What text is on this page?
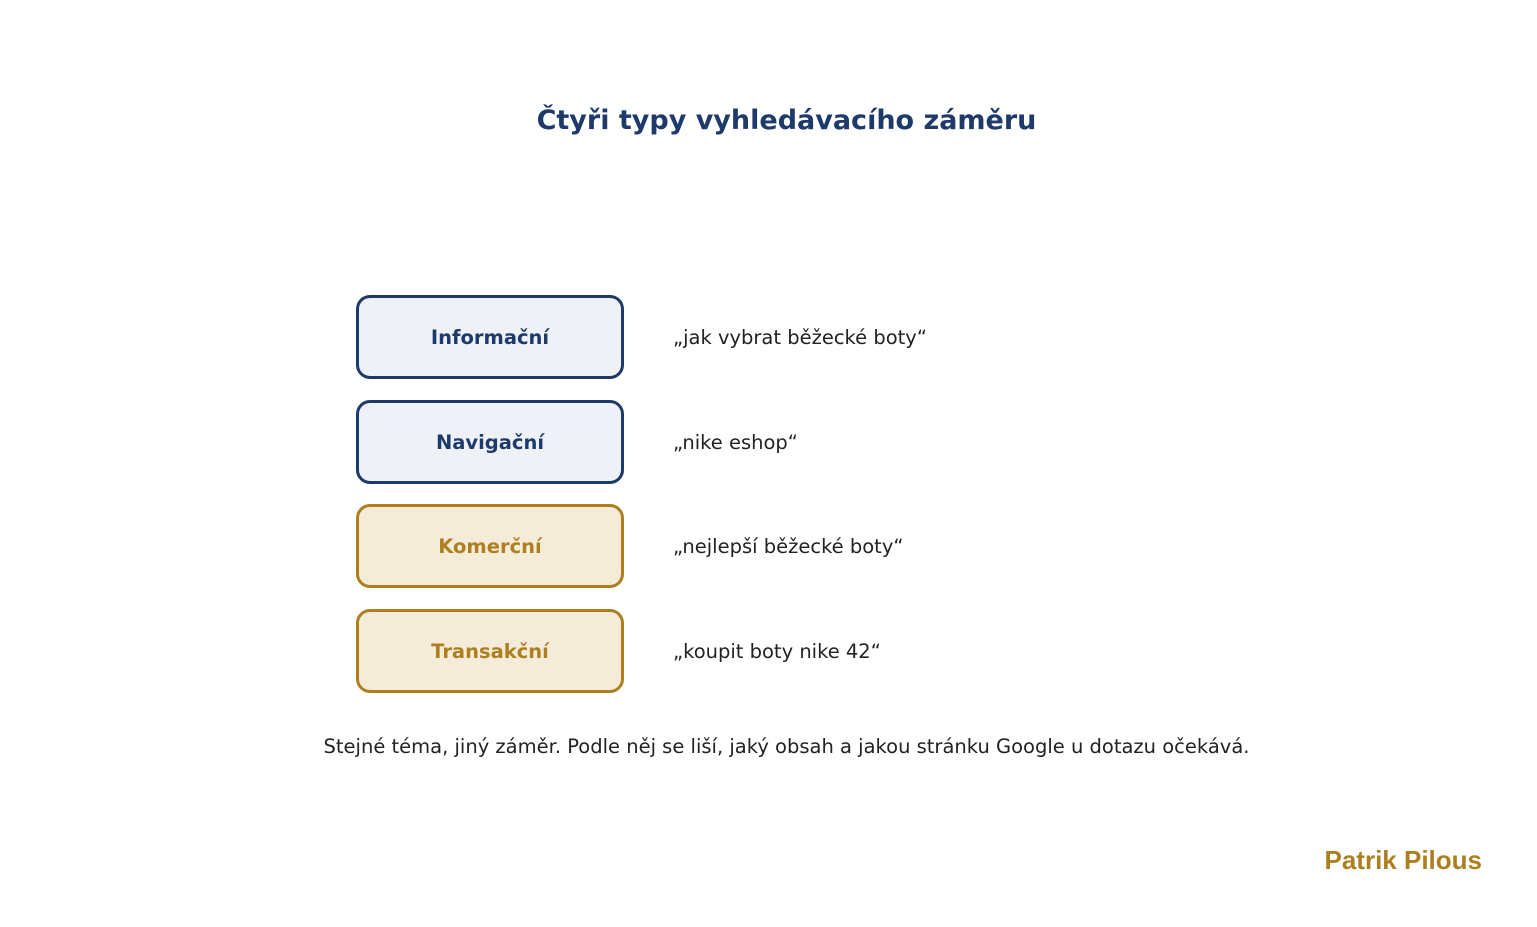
Čtyři typy vyhledávacího záměru
Informační	„jak vybrat běžecké boty“
Navigační	„nike eshop“
Komerční	„nejlepší běžecké boty“
Transakční	„koupit boty nike 42“
Stejné téma, jiný záměr. Podle něj se liší, jaký obsah a jakou stránku Google u dotazu očekává.
Patrik Pilous
